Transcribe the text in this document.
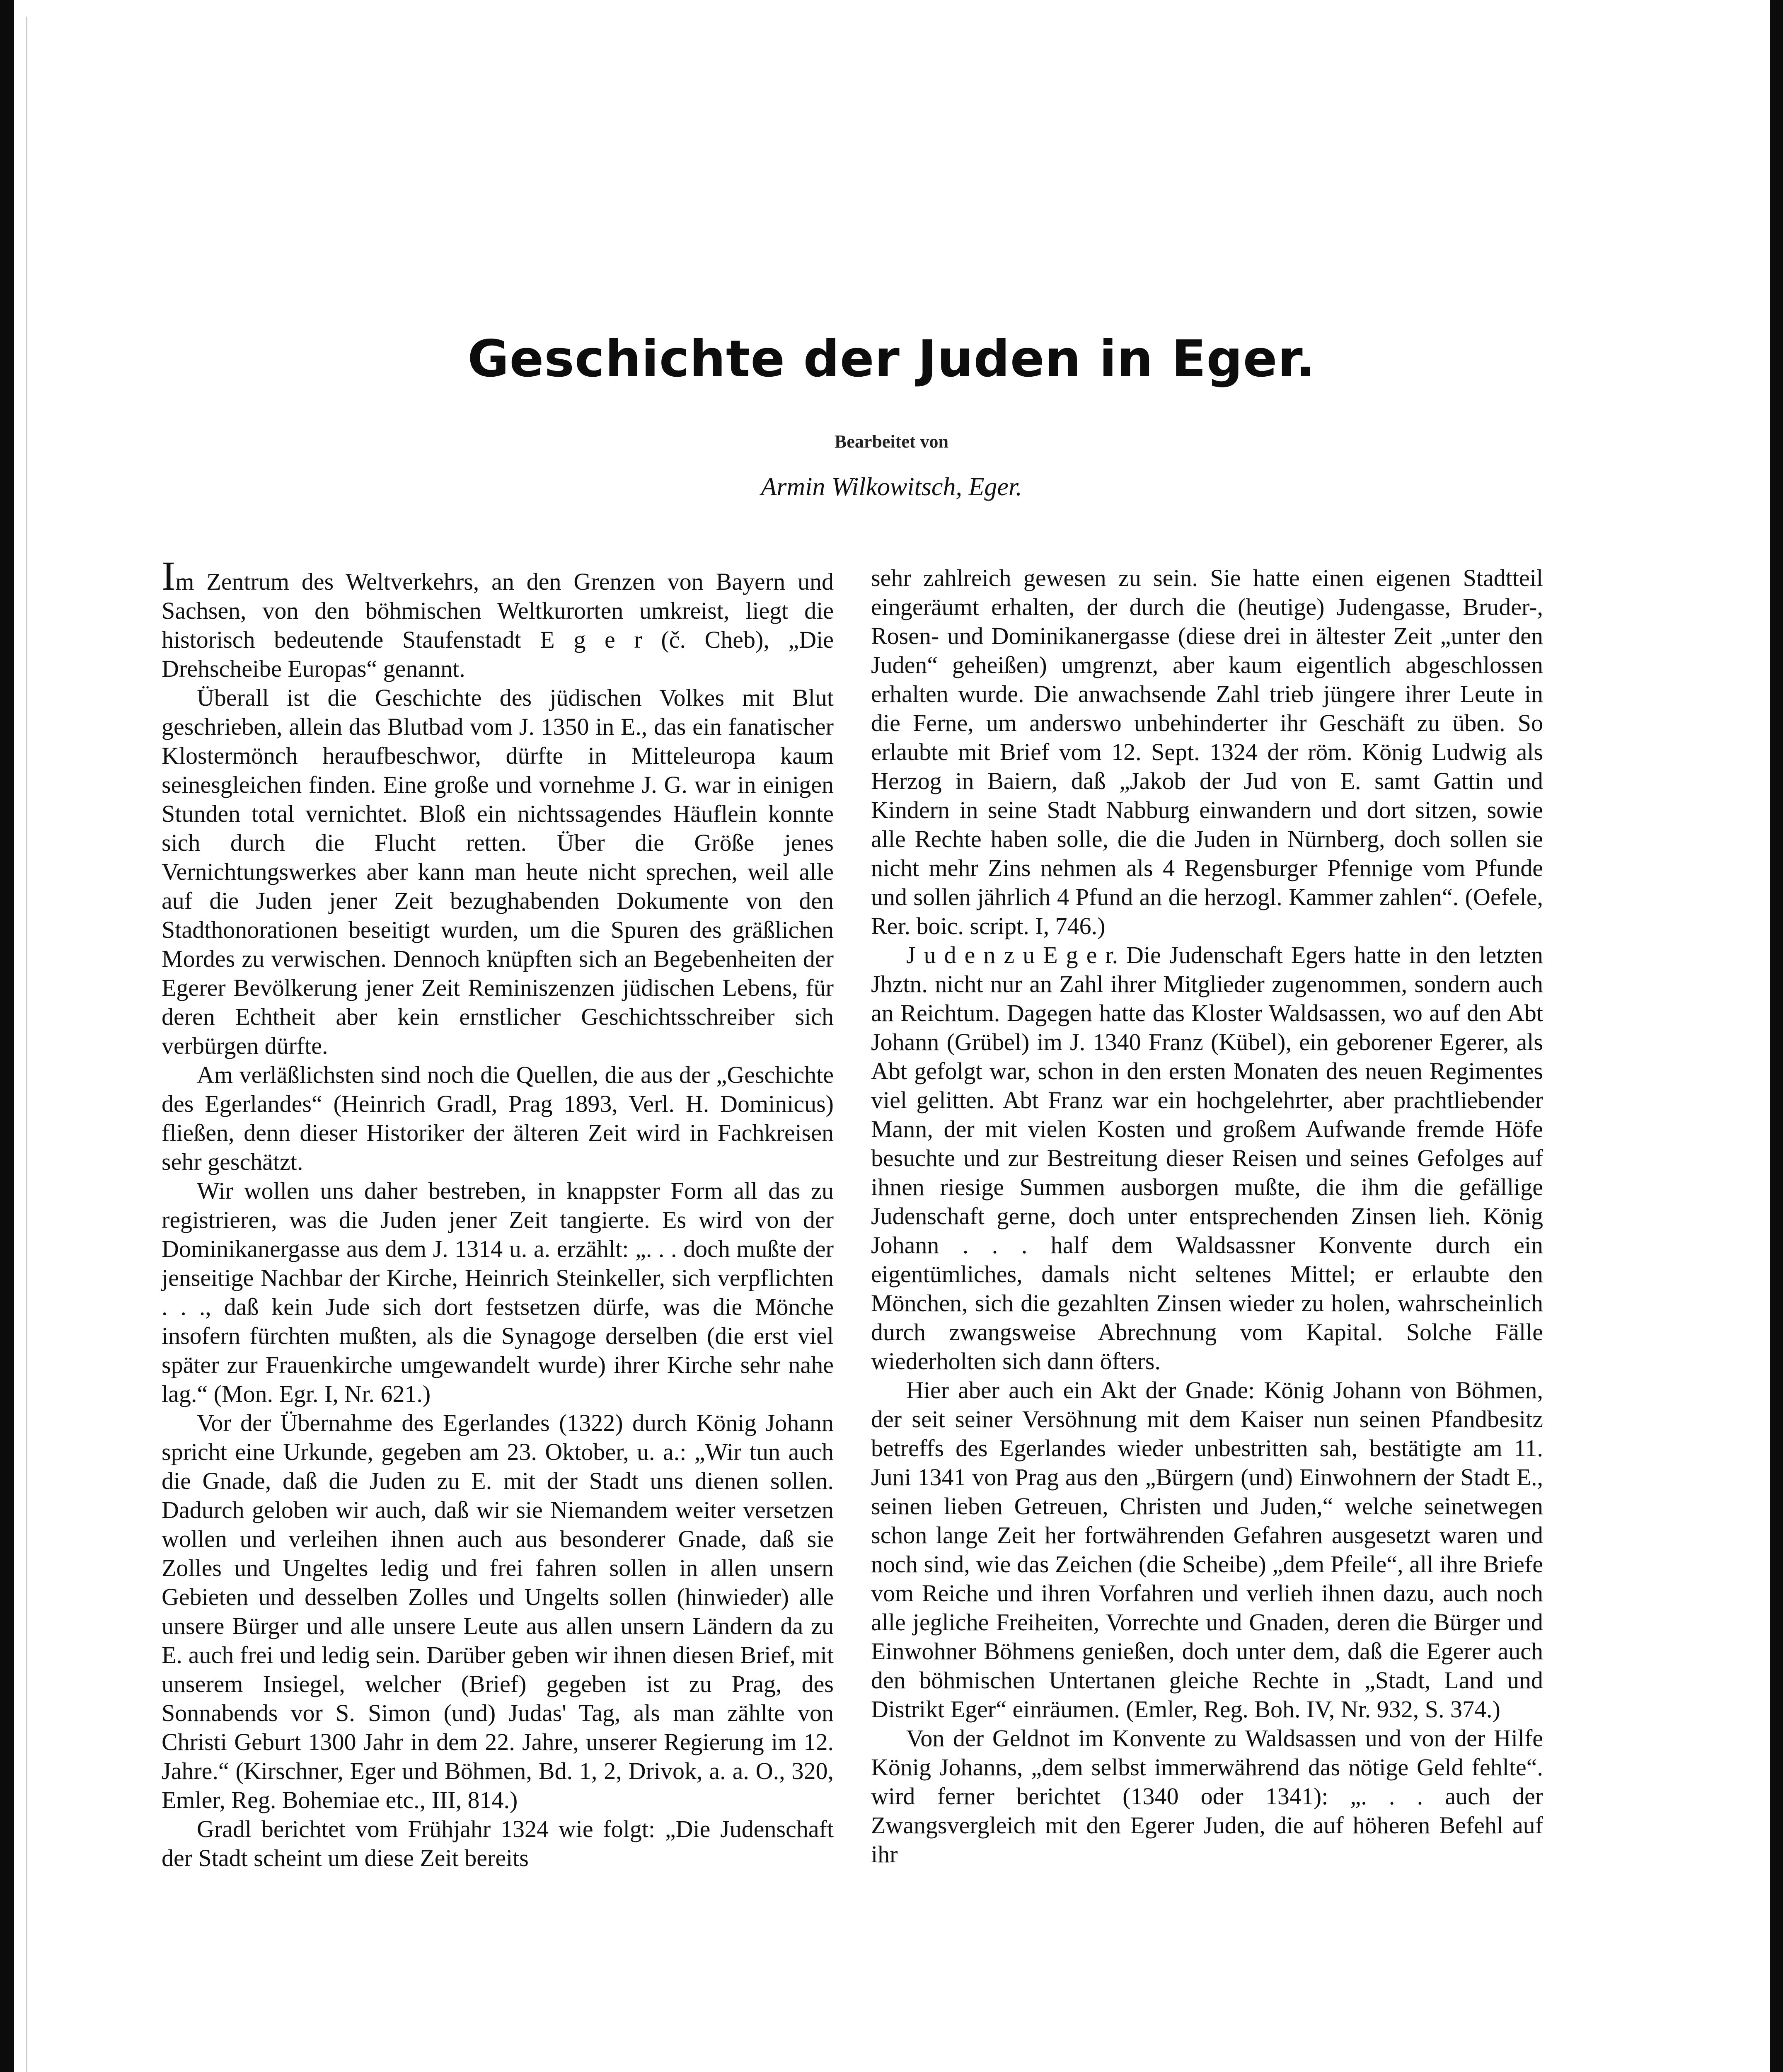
Geschichte der Juden in Eger.
Bearbeitet von
Armin Wilkowitsch, Eger.

Im Zentrum des Weltverkehrs, an den Grenzen von Bayern und Sachsen, von den böhmischen Weltkurorten umkreist, liegt die historisch bedeutende Staufenstadt E g e r (č. Cheb), „Die Drehscheibe Europas“ genannt.

Überall ist die Geschichte des jüdischen Volkes mit Blut geschrieben, allein das Blutbad vom J. 1350 in E., das ein fanatischer Klostermönch heraufbeschwor, dürfte in Mitteleuropa kaum seinesgleichen finden. Eine große und vornehme J. G. war in einigen Stunden total vernichtet. Bloß ein nichtssagendes Häuflein konnte sich durch die Flucht retten. Über die Größe jenes Vernichtungswerkes aber kann man heute nicht sprechen, weil alle auf die Juden jener Zeit bezughabenden Dokumente von den Stadthonorationen beseitigt wurden, um die Spuren des gräßlichen Mordes zu verwischen. Dennoch knüpften sich an Begebenheiten der Egerer Bevölkerung jener Zeit Reminiszenzen jüdischen Lebens, für deren Echtheit aber kein ernstlicher Geschichtsschreiber sich verbürgen dürfte.

Am verläßlichsten sind noch die Quellen, die aus der „Geschichte des Egerlandes“ (Heinrich Gradl, Prag 1893, Verl. H. Dominicus) fließen, denn dieser Historiker der älteren Zeit wird in Fachkreisen sehr geschätzt.

Wir wollen uns daher bestreben, in knappster Form all das zu registrieren, was die Juden jener Zeit tangierte. Es wird von der Dominikanergasse aus dem J. 1314 u. a. erzählt: „. . . doch mußte der jenseitige Nachbar der Kirche, Heinrich Steinkeller, sich verpflichten . . ., daß kein Jude sich dort festsetzen dürfe, was die Mönche insofern fürchten mußten, als die Synagoge derselben (die erst viel später zur Frauenkirche umgewandelt wurde) ihrer Kirche sehr nahe lag.“ (Mon. Egr. I, Nr. 621.)

Vor der Übernahme des Egerlandes (1322) durch König Johann spricht eine Urkunde, gegeben am 23. Oktober, u. a.: „Wir tun auch die Gnade, daß die Juden zu E. mit der Stadt uns dienen sollen. Dadurch geloben wir auch, daß wir sie Niemandem weiter versetzen wollen und verleihen ihnen auch aus besonderer Gnade, daß sie Zolles und Ungeltes ledig und frei fahren sollen in allen unsern Gebieten und desselben Zolles und Ungelts sollen (hinwieder) alle unsere Bürger und alle unsere Leute aus allen unsern Ländern da zu E. auch frei und ledig sein. Darüber geben wir ihnen diesen Brief, mit unserem Insiegel, welcher (Brief) gegeben ist zu Prag, des Sonnabends vor S. Simon (und) Judas' Tag, als man zählte von Christi Geburt 1300 Jahr in dem 22. Jahre, unserer Regierung im 12. Jahre.“ (Kirschner, Eger und Böhmen, Bd. 1, 2, Drivok, a. a. O., 320, Emler, Reg. Bohemiae etc., III, 814.)

Gradl berichtet vom Frühjahr 1324 wie folgt: „Die Judenschaft der Stadt scheint um diese Zeit bereits

sehr zahlreich gewesen zu sein. Sie hatte einen eigenen Stadtteil eingeräumt erhalten, der durch die (heutige) Judengasse, Bruder-, Rosen- und Dominikanergasse (diese drei in ältester Zeit „unter den Juden“ geheißen) umgrenzt, aber kaum eigentlich abgeschlossen erhalten wurde. Die anwachsende Zahl trieb jüngere ihrer Leute in die Ferne, um anderswo unbehinderter ihr Geschäft zu üben. So erlaubte mit Brief vom 12. Sept. 1324 der röm. König Ludwig als Herzog in Baiern, daß „Jakob der Jud von E. samt Gattin und Kindern in seine Stadt Nabburg einwandern und dort sitzen, sowie alle Rechte haben solle, die die Juden in Nürnberg, doch sollen sie nicht mehr Zins nehmen als 4 Regensburger Pfennige vom Pfunde und sollen jährlich 4 Pfund an die herzogl. Kammer zahlen“. (Oefele, Rer. boic. script. I, 746.)

J u d e n z u E g e r. Die Judenschaft Egers hatte in den letzten Jhztn. nicht nur an Zahl ihrer Mitglieder zugenommen, sondern auch an Reichtum. Dagegen hatte das Kloster Waldsassen, wo auf den Abt Johann (Grübel) im J. 1340 Franz (Kübel), ein geborener Egerer, als Abt gefolgt war, schon in den ersten Monaten des neuen Regimentes viel gelitten. Abt Franz war ein hochgelehrter, aber prachtliebender Mann, der mit vielen Kosten und großem Aufwande fremde Höfe besuchte und zur Bestreitung dieser Reisen und seines Gefolges auf ihnen riesige Summen ausborgen mußte, die ihm die gefällige Judenschaft gerne, doch unter entsprechenden Zinsen lieh. König Johann . . . half dem Waldsassner Konvente durch ein eigentümliches, damals nicht seltenes Mittel; er erlaubte den Mönchen, sich die gezahlten Zinsen wieder zu holen, wahrscheinlich durch zwangsweise Abrechnung vom Kapital. Solche Fälle wiederholten sich dann öfters.

Hier aber auch ein Akt der Gnade: König Johann von Böhmen, der seit seiner Versöhnung mit dem Kaiser nun seinen Pfandbesitz betreffs des Egerlandes wieder unbestritten sah, bestätigte am 11. Juni 1341 von Prag aus den „Bürgern (und) Einwohnern der Stadt E., seinen lieben Getreuen, Christen und Juden,“ welche seinetwegen schon lange Zeit her fortwährenden Gefahren ausgesetzt waren und noch sind, wie das Zeichen (die Scheibe) „dem Pfeile“, all ihre Briefe vom Reiche und ihren Vorfahren und verlieh ihnen dazu, auch noch alle jegliche Freiheiten, Vorrechte und Gnaden, deren die Bürger und Einwohner Böhmens genießen, doch unter dem, daß die Egerer auch den böhmischen Untertanen gleiche Rechte in „Stadt, Land und Distrikt Eger“ einräumen. (Emler, Reg. Boh. IV, Nr. 932, S. 374.)

Von der Geldnot im Konvente zu Waldsassen und von der Hilfe König Johanns, „dem selbst immerwährend das nötige Geld fehlte“. wird ferner berichtet (1340 oder 1341): „. . . auch der Zwangsvergleich mit den Egerer Juden, die auf höheren Befehl auf ihr
